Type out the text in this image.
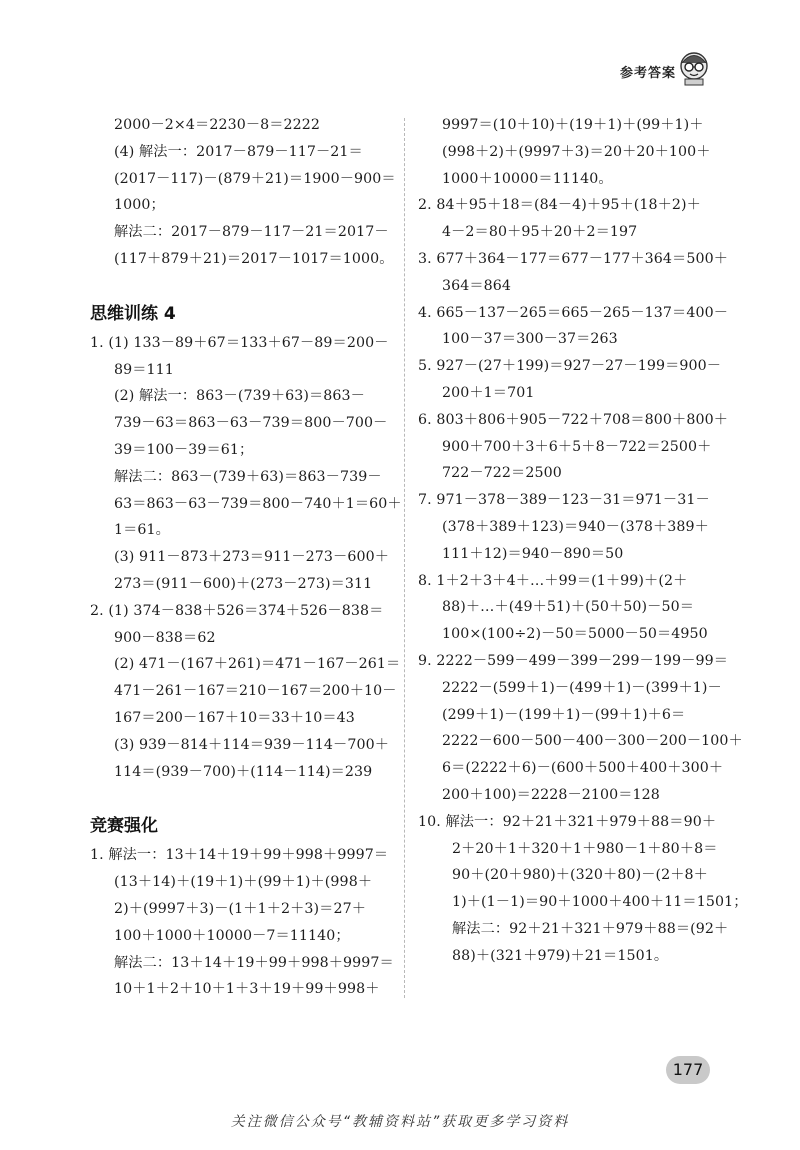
参考答案
2000－2×4＝2230－8＝2222
(4) 解法一：2017－879－117－21＝
(2017－117)－(879＋21)＝1900－900＝
1000；
解法二：2017－879－117－21＝2017－
(117＋879＋21)＝2017－1017＝1000。
思维训练 4
1. (1) 133－89＋67＝133＋67－89＝200－
89＝111
(2) 解法一：863－(739＋63)＝863－
739－63＝863－63－739＝800－700－
39＝100－39＝61；
解法二：863－(739＋63)＝863－739－
63＝863－63－739＝800－740＋1＝60＋
1＝61。
(3) 911－873＋273＝911－273－600＋
273＝(911－600)＋(273－273)＝311
2. (1) 374－838＋526＝374＋526－838＝
900－838＝62
(2) 471－(167＋261)＝471－167－261＝
471－261－167＝210－167＝200＋10－
167＝200－167＋10＝33＋10＝43
(3) 939－814＋114＝939－114－700＋
114＝(939－700)＋(114－114)＝239
竞赛强化
1. 解法一：13＋14＋19＋99＋998＋9997＝
(13＋14)＋(19＋1)＋(99＋1)＋(998＋
2)＋(9997＋3)－(1＋1＋2＋3)＝27＋
100＋1000＋10000－7＝11140；
解法二：13＋14＋19＋99＋998＋9997＝
10＋1＋2＋10＋1＋3＋19＋99＋998＋
9997＝(10＋10)＋(19＋1)＋(99＋1)＋
(998＋2)＋(9997＋3)＝20＋20＋100＋
1000＋10000＝11140。
2. 84＋95＋18＝(84－4)＋95＋(18＋2)＋
4－2＝80＋95＋20＋2＝197
3. 677＋364－177＝677－177＋364＝500＋
364＝864
4. 665－137－265＝665－265－137＝400－
100－37＝300－37＝263
5. 927－(27＋199)＝927－27－199＝900－
200＋1＝701
6. 803＋806＋905－722＋708＝800＋800＋
900＋700＋3＋6＋5＋8－722＝2500＋
722－722＝2500
7. 971－378－389－123－31＝971－31－
(378＋389＋123)＝940－(378＋389＋
111＋12)＝940－890＝50
8. 1＋2＋3＋4＋…＋99＝(1＋99)＋(2＋
88)＋…＋(49＋51)＋(50＋50)－50＝
100×(100÷2)－50＝5000－50＝4950
9. 2222－599－499－399－299－199－99＝
2222－(599＋1)－(499＋1)－(399＋1)－
(299＋1)－(199＋1)－(99＋1)＋6＝
2222－600－500－400－300－200－100＋
6＝(2222＋6)－(600＋500＋400＋300＋
200＋100)＝2228－2100＝128
10. 解法一：92＋21＋321＋979＋88＝90＋
2＋20＋1＋320＋1＋980－1＋80＋8＝
90＋(20＋980)＋(320＋80)－(2＋8＋
1)＋(1－1)＝90＋1000＋400＋11＝1501；
解法二：92＋21＋321＋979＋88＝(92＋
88)＋(321＋979)＋21＝1501。
177
关注微信公众号“教辅资料站”获取更多学习资料
